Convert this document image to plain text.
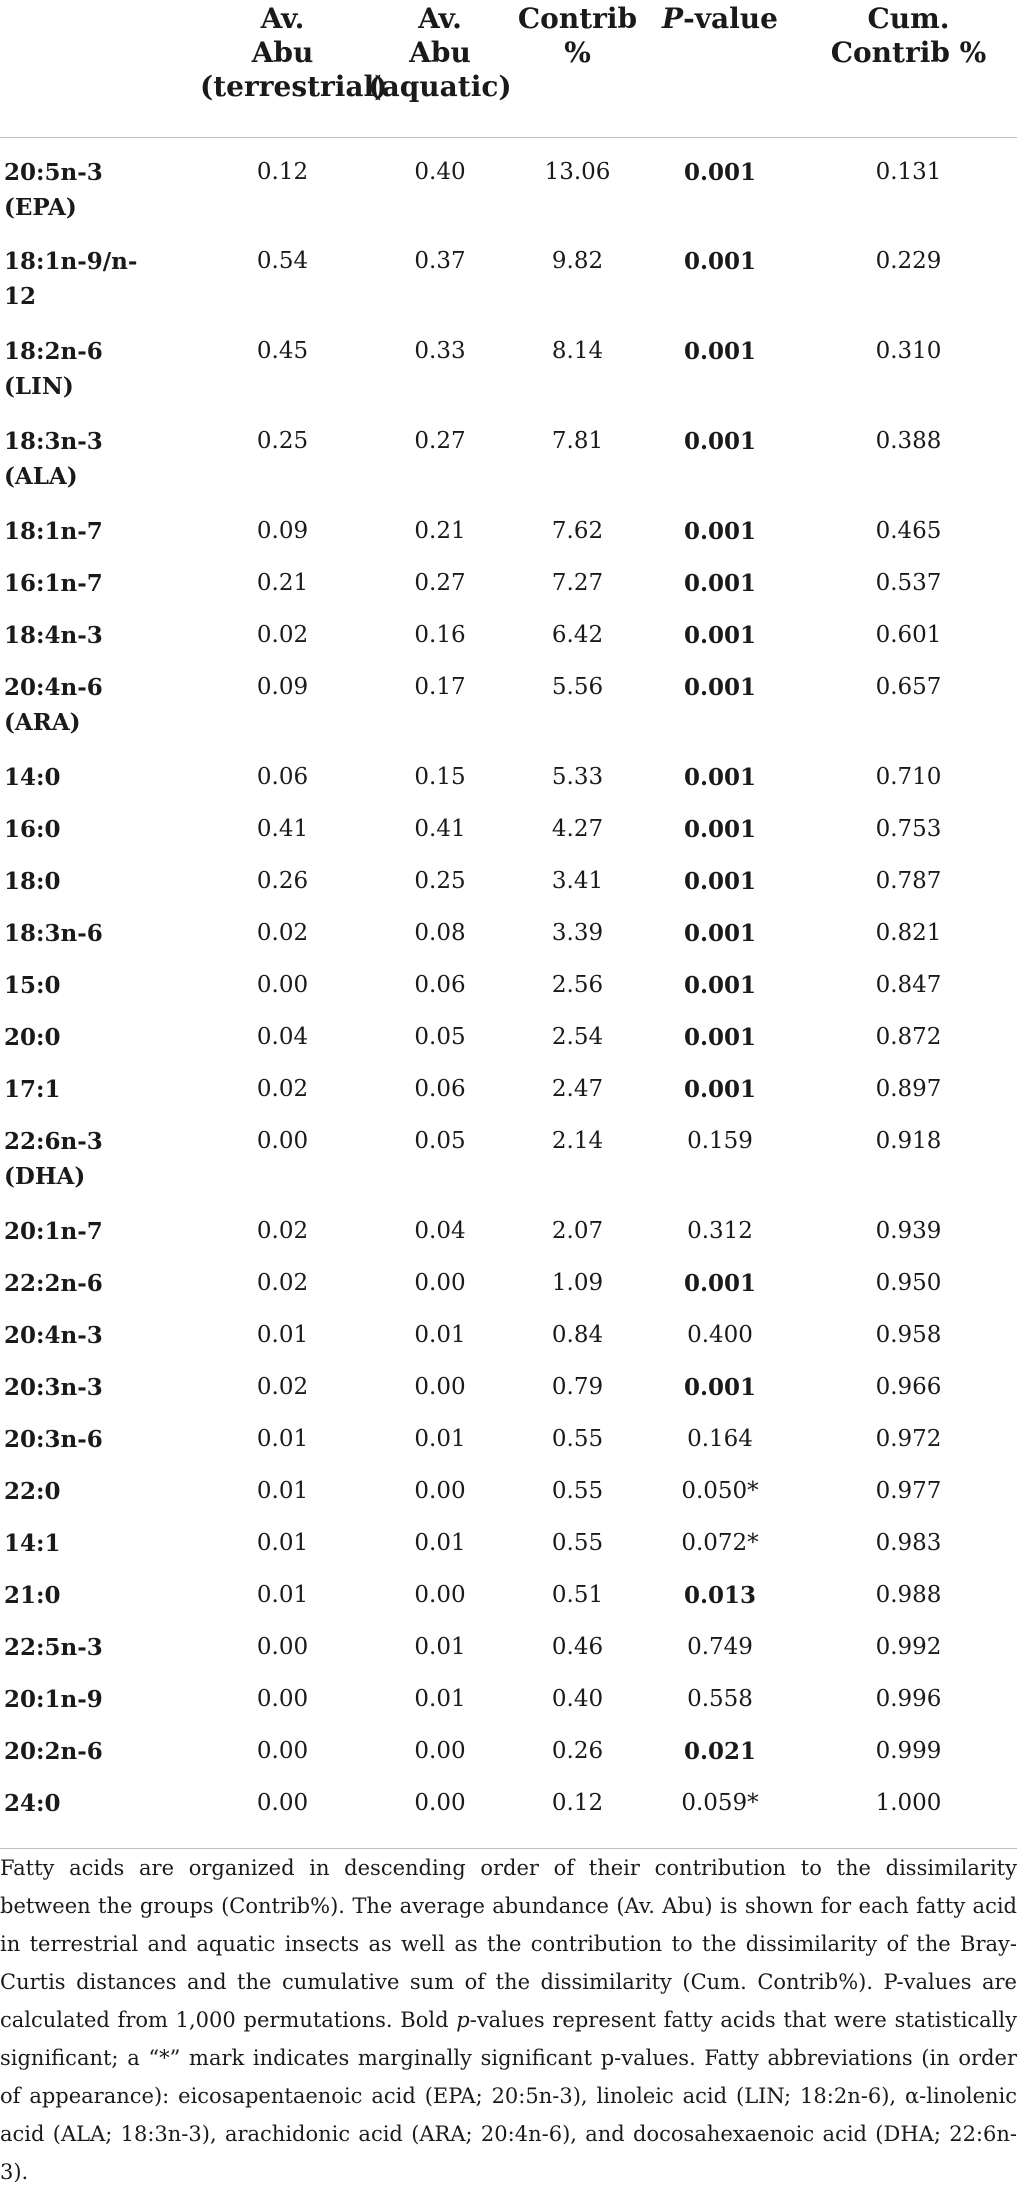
	Av.
Abu
(terrestrial)	Av.
Abu
(aquatic)	Contrib
%	P-value	Cum.
Contrib %

20:5n-3
(EPA)	0.12	0.40	13.06	0.001	0.131
18:1n-9/n-
12	0.54	0.37	9.82	0.001	0.229
18:2n-6
(LIN)	0.45	0.33	8.14	0.001	0.310
18:3n-3
(ALA)	0.25	0.27	7.81	0.001	0.388
18:1n-7	0.09	0.21	7.62	0.001	0.465
16:1n-7	0.21	0.27	7.27	0.001	0.537
18:4n-3	0.02	0.16	6.42	0.001	0.601
20:4n-6
(ARA)	0.09	0.17	5.56	0.001	0.657
14:0	0.06	0.15	5.33	0.001	0.710
16:0	0.41	0.41	4.27	0.001	0.753
18:0	0.26	0.25	3.41	0.001	0.787
18:3n-6	0.02	0.08	3.39	0.001	0.821
15:0	0.00	0.06	2.56	0.001	0.847
20:0	0.04	0.05	2.54	0.001	0.872
17:1	0.02	0.06	2.47	0.001	0.897
22:6n-3
(DHA)	0.00	0.05	2.14	0.159	0.918
20:1n-7	0.02	0.04	2.07	0.312	0.939
22:2n-6	0.02	0.00	1.09	0.001	0.950
20:4n-3	0.01	0.01	0.84	0.400	0.958
20:3n-3	0.02	0.00	0.79	0.001	0.966
20:3n-6	0.01	0.01	0.55	0.164	0.972
22:0	0.01	0.00	0.55	0.050*	0.977
14:1	0.01	0.01	0.55	0.072*	0.983
21:0	0.01	0.00	0.51	0.013	0.988
22:5n-3	0.00	0.01	0.46	0.749	0.992
20:1n-9	0.00	0.01	0.40	0.558	0.996
20:2n-6	0.00	0.00	0.26	0.021	0.999
24:0	0.00	0.00	0.12	0.059*	1.000
Fatty acids are organized in descending order of their contribution to the dissimilarity between the groups (Contrib%). The average abundance (Av. Abu) is shown for each fatty acid in terrestrial and aquatic insects as well as the contribution to the dissimilarity of the Bray-Curtis distances and the cumulative sum of the dissimilarity (Cum. Contrib%). P-values are calculated from 1,000 permutations. Bold p-values represent fatty acids that were statistically significant; a “*” mark indicates marginally significant p-values. Fatty abbreviations (in order of appearance): eicosapentaenoic acid (EPA; 20:5n-3), linoleic acid (LIN; 18:2n-6), α-linolenic acid (ALA; 18:3n-3), arachidonic acid (ARA; 20:4n-6), and docosahexaenoic acid (DHA; 22:6n-3).
